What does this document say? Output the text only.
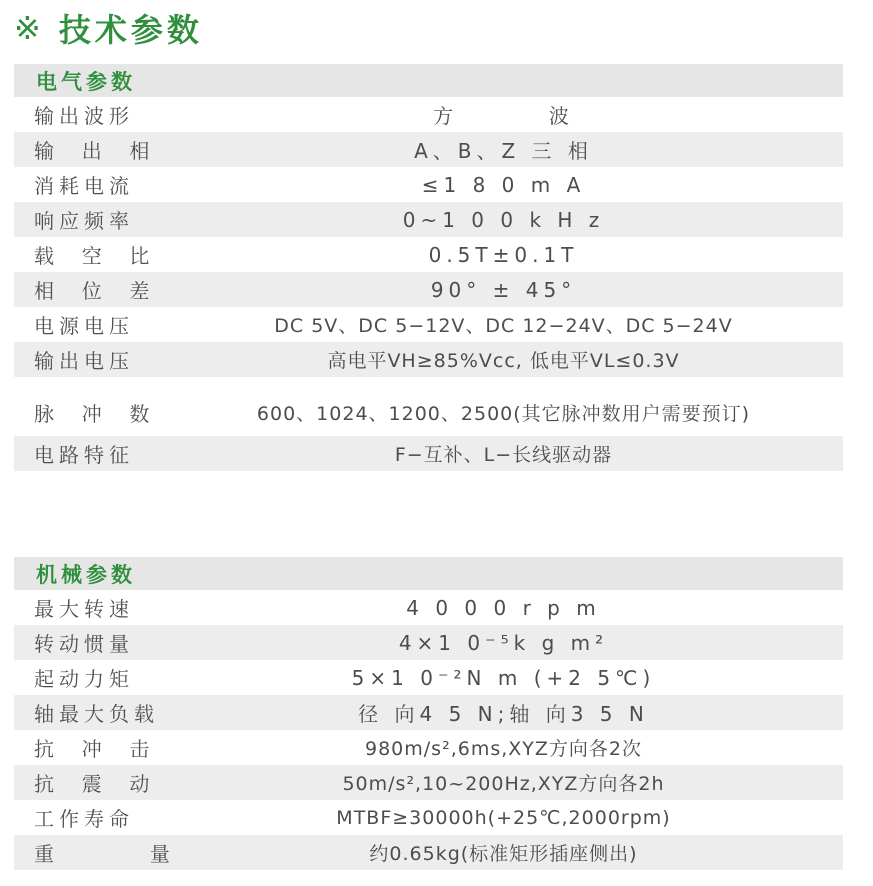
※ 技术参数
电气参数
输出波形	方        波
输  出  相	A、B、Z 三 相
消耗电流	≤1 8 0 m A
响应频率	0~1 0 0 k H z
载  空  比	0.5T±0.1T
相  位  差	90° ± 45°
电源电压	DC 5V、DC 5−12V、DC 12−24V、DC 5−24V
输出电压	高电平VH≥85%Vcc, 低电平VL≤0.3V
脉  冲  数	600、1024、1200、2500(其它脉冲数用户需要预订)
电路特征	F−互补、L−长线驱动器
机械参数
最大转速	4 0 0 0 r p m
转动惯量	4×1 0⁻⁵k g m²
起动力矩	5×1 0⁻²N m (+2 5℃)
轴最大负载	径 向4 5 N;轴 向3 5 N
抗  冲  击	980m/s²,6ms,XYZ方向各2次
抗  震  动	50m/s²,10~200Hz,XYZ方向各2h
工作寿命	MTBF≥30000h(+25℃,2000rpm)
重        量	约0.65kg(标准矩形插座侧出)
